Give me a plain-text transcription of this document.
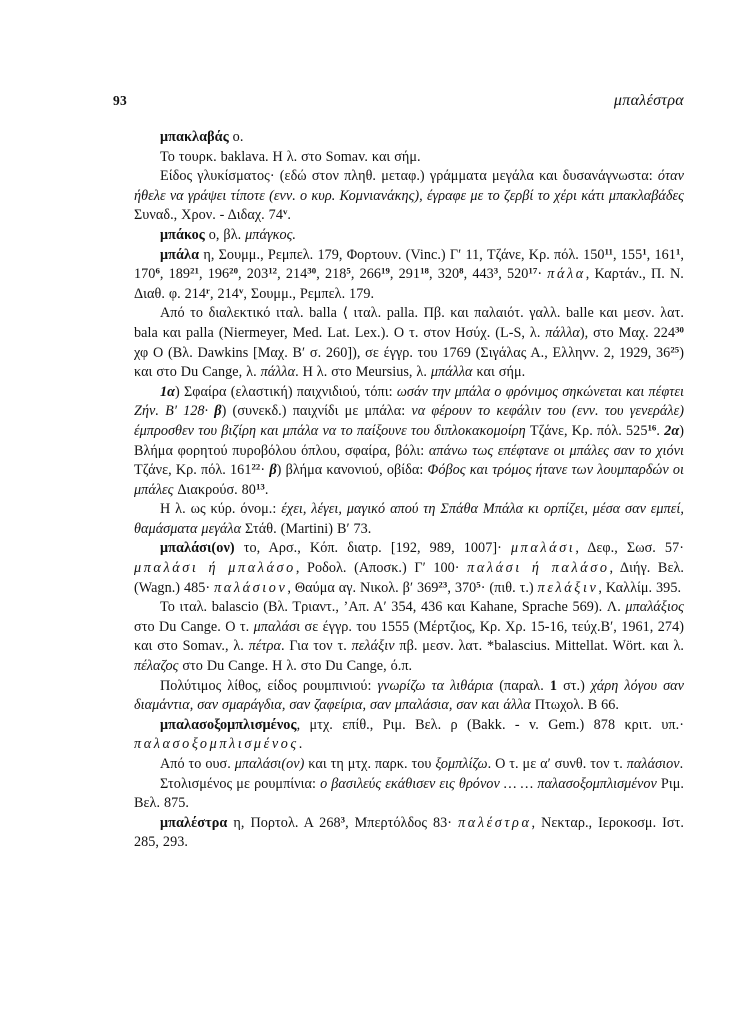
93	μπαλέστρα

μπακλαβάς ο.

Το τουρκ. baklava. Η λ. στο Somav. και σήμ.

Είδος γλυκίσματος· (εδώ στον πληθ. μεταφ.) γράμματα μεγάλα και δυσανάγνωστα: όταν ήθελε να γράψει τίποτε (ενν. ο κυρ. Κομνιανάκης), έγραφε με το ζερβί το χέρι κάτι μπακλαβάδες Συναδ., Χρον. - Διδαχ. 74$^v$.

μπάκος ο, βλ. μπάγκος.

μπάλα η, Σουμμ., Ρεμπελ. 179, Φορτουν. (Vinc.) Γ′ 11, Τζάνε, Κρ. πόλ. $150^{11}$, $155^1$, $161^1$, $170^6$, $189^{21}$, $196^{20}$, $203^{12}$, $214^{30}$, $218^5$, $266^{19}$, $291^{18}$, $320^8$, $443^3$, $520^{17}\cdot \pi ά\lambda\alpha$, Καρτάν., Π. Ν. Διαθ. φ. 214$^r$, 214$^v$, Σουμμ., Ρεμπελ. 179.

Από το διαλεκτικό ιταλ. balla ⟨ ιταλ. palla. Πβ. και παλαιότ. γαλλ. balle και μεσν. λατ. bala και palla (Niermeyer, Med. Lat. Lex.). Ο τ. στον Ησύχ. (L-S, λ. πάλλα), στο Μαχ. $224^{30}$ χφ Ο (Βλ. Dawkins [Μαχ. Β′ σ. 260]), σε έγγρ. του 1769 (Σιγάλας Α., Ελληνν. 2, 1929, $36^{25}$) και στο Du Cange, λ. πάλλα. Η λ. στο Meursius, λ. μπάλλα και σήμ.

1α) Σφαίρα (ελαστική) παιχνιδιού, τόπι: ωσάν την μπάλα ο φρόνιμος σηκώνεται και πέφτει Ζήν. Β′ 128· β) (συνεκδ.) παιχνίδι με μπάλα: να φέρουν το κεφάλιν του (ενν. του γενεράλε) έμπροσθεν του βιζίρη και μπάλα να το παίξουνε του διπλοκακομοίρη Τζάνε, Κρ. πόλ. $525^{16}$. 2α) Βλήμα φορητού πυροβόλου όπλου, σφαίρα, βόλι: απάνω τως επέφτανε οι μπάλες σαν το χιόνι Τζάνε, Κρ. πόλ. $161^{22}\cdot \beta$) βλήμα κανονιού, οβίδα: Φόβος και τρόμος ήτανε των λουμπαρδών οι μπάλες Διακρούσ. $80^{13}$.

Η λ. ως κύρ. όνομ.: έχει, λέγει, μαγικό απού τη Σπάθα Μπάλα κι ορπίζει, μέσα σαν εμπεί, θαμάσματα μεγάλα Στάθ. (Martini) Β′ 73.

μπαλάσι(ον) το, Αρσ., Κόπ. διατρ. [192, 989, 1007]· μπαλάσι, Δεφ., Σωσ. 57· μπαλάσι ή μπαλάσο, Ροδολ. (Αποσκ.) Γ′ 100· παλάσι ή παλάσο, Διήγ. Βελ. (Wagn.) 485· παλάσιον, Θαύμα αγ. Νικολ. β′ $369^{23}$, $370^5\cdot (\pi\iota\theta$. τ.) πελάξιν, Καλλίμ. 395.

Το ιταλ. balascio (Βλ. Τριαντ., ’Απ. Α′ 354, 436 και Kahane, Sprache 569). Λ. μπαλάξιος στο Du Cange. Ο τ. μπαλάσι σε έγγρ. του 1555 (Μέρτζιος, Κρ. Χρ. 15-16, τεύχ.Β′, 1961, 274) και στο Somav., λ. πέτρα. Για τον τ. πελάξιν πβ. μεσν. λατ. *balascius. Mittellat. Wört. και λ. πέλαζος στο Du Cange. Η λ. στο Du Cange, ό.π.

Πολύτιμος λίθος, είδος ρουμπινιού: γνωρίζω τα λιθάρια (παραλ. 1 στ.) χάρη λόγου σαν διαμάντια, σαν σμαράγδια, σαν ζαφείρια, σαν μπαλάσια, σαν και άλλα Πτωχολ. Β 66.

μπαλασοξομπλισμένος, μτχ. επίθ., Ριμ. Βελ. ρ (Bakk. - v. Gem.) 878 κριτ. υπ.· παλασοξομπλισμένος.

Από το ουσ. μπαλάσι(ον) και τη μτχ. παρκ. του ξομπλίζω. Ο τ. με α′ συνθ. τον τ. παλάσιον.

Στολισμένος με ρουμπίνια: ο βασιλεύς εκάθισεν εις θρόνον … … παλασοξομπλισμένον Ριμ. Βελ. 875.

μπαλέστρα η, Πορτολ. Α $268^3$, Μπερτόλδος 83· παλέστρα, Νεκταρ., Ιεροκοσμ. Ιστ. 285, 293.
